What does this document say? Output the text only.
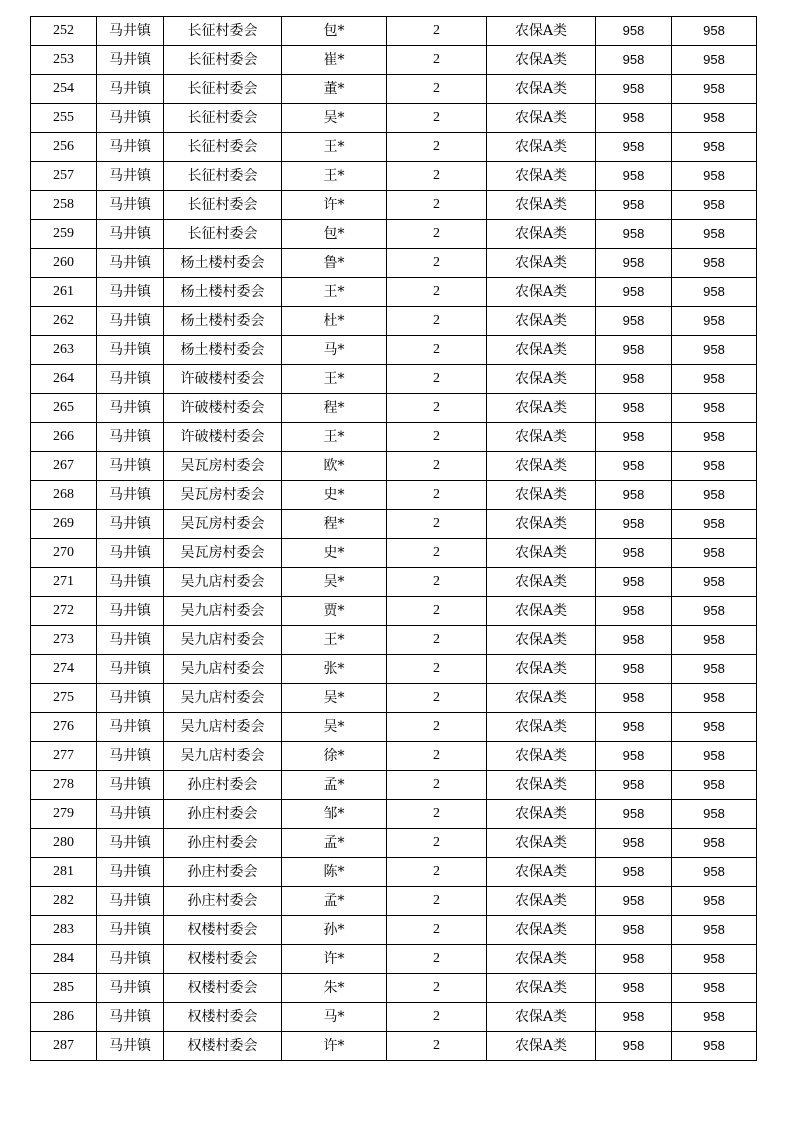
252	马井镇	长征村委会	包*	2	农保A类	958	958
253	马井镇	长征村委会	崔*	2	农保A类	958	958
254	马井镇	长征村委会	董*	2	农保A类	958	958
255	马井镇	长征村委会	吴*	2	农保A类	958	958
256	马井镇	长征村委会	王*	2	农保A类	958	958
257	马井镇	长征村委会	王*	2	农保A类	958	958
258	马井镇	长征村委会	许*	2	农保A类	958	958
259	马井镇	长征村委会	包*	2	农保A类	958	958
260	马井镇	杨土楼村委会	鲁*	2	农保A类	958	958
261	马井镇	杨土楼村委会	王*	2	农保A类	958	958
262	马井镇	杨土楼村委会	杜*	2	农保A类	958	958
263	马井镇	杨土楼村委会	马*	2	农保A类	958	958
264	马井镇	许破楼村委会	王*	2	农保A类	958	958
265	马井镇	许破楼村委会	程*	2	农保A类	958	958
266	马井镇	许破楼村委会	王*	2	农保A类	958	958
267	马井镇	吴瓦房村委会	欧*	2	农保A类	958	958
268	马井镇	吴瓦房村委会	史*	2	农保A类	958	958
269	马井镇	吴瓦房村委会	程*	2	农保A类	958	958
270	马井镇	吴瓦房村委会	史*	2	农保A类	958	958
271	马井镇	吴九店村委会	吴*	2	农保A类	958	958
272	马井镇	吴九店村委会	贾*	2	农保A类	958	958
273	马井镇	吴九店村委会	王*	2	农保A类	958	958
274	马井镇	吴九店村委会	张*	2	农保A类	958	958
275	马井镇	吴九店村委会	吴*	2	农保A类	958	958
276	马井镇	吴九店村委会	吴*	2	农保A类	958	958
277	马井镇	吴九店村委会	徐*	2	农保A类	958	958
278	马井镇	孙庄村委会	孟*	2	农保A类	958	958
279	马井镇	孙庄村委会	邹*	2	农保A类	958	958
280	马井镇	孙庄村委会	孟*	2	农保A类	958	958
281	马井镇	孙庄村委会	陈*	2	农保A类	958	958
282	马井镇	孙庄村委会	孟*	2	农保A类	958	958
283	马井镇	权楼村委会	孙*	2	农保A类	958	958
284	马井镇	权楼村委会	许*	2	农保A类	958	958
285	马井镇	权楼村委会	朱*	2	农保A类	958	958
286	马井镇	权楼村委会	马*	2	农保A类	958	958
287	马井镇	权楼村委会	许*	2	农保A类	958	958
